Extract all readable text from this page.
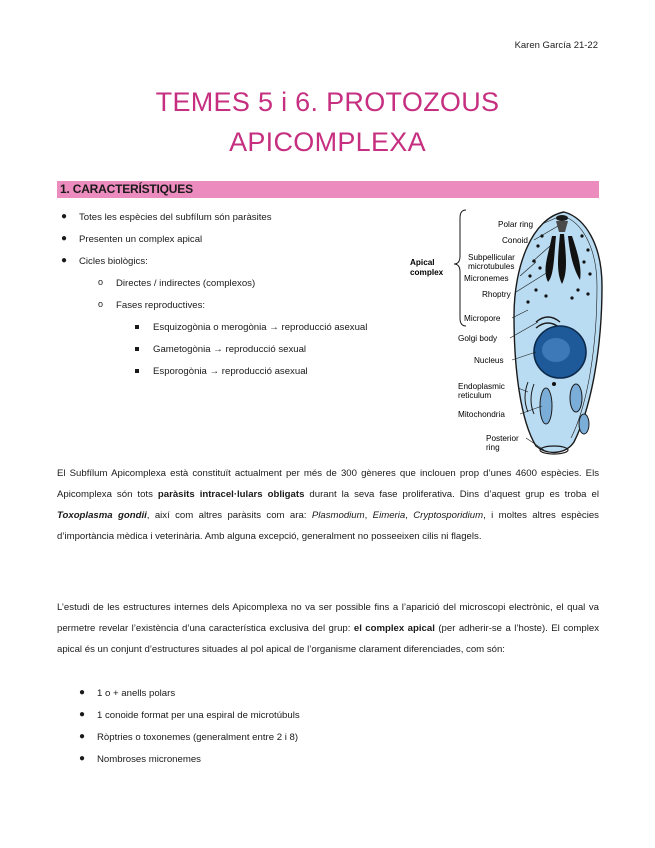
Karen García 21-22
TEMES 5 i 6. PROTOZOUS
APICOMPLEXA
1. CARACTERÍSTIQUES
● Totes les espècies del subfílum són paràsites
● Presenten un complex apical
● Cicles biològics:
o Directes / indirectes (complexos)
o Fases reproductives:
Esquizogònia o merogònia → reproducció asexual
Gametogònia → reproducció sexual
Esporogònia → reproducció asexual
Apical
complex
Polar ring
Conoid
Subpellicular
microtubules
Micronemes
Rhoptry
Micropore
Golgi body
Nucleus
Endoplasmic
reticulum
Mitochondria
Posterior
ring

El Subfílum Apicomplexa està constituït actualment per més de 300 gèneres que inclouen prop d’unes 4600 espècies. Els Apicomplexa són tots paràsits intracel·lulars obligats durant la seva fase proliferativa. Dins d’aquest grup es troba el Toxoplasma gondii, així com altres paràsits com ara: Plasmodium, Eimeria, Cryptosporidium, i moltes altres espècies d’importància mèdica i veterinària. Amb alguna excepció, generalment no posseeixen cilis ni flagels.

L’estudi de les estructures internes dels Apicomplexa no va ser possible fins a l’aparició del microscopi electrònic, el qual va permetre revelar l’existència d’una característica exclusiva del grup: el complex apical (per adherir-se a l’hoste). El complex apical és un conjunt d’estructures situades al pol apical de l’organisme clarament diferenciades, com són:

● 1 o + anells polars
● 1 conoide format per una espiral de microtúbuls
● Ròptries o toxonemes (generalment entre 2 i 8)
● Nombroses micronemes
